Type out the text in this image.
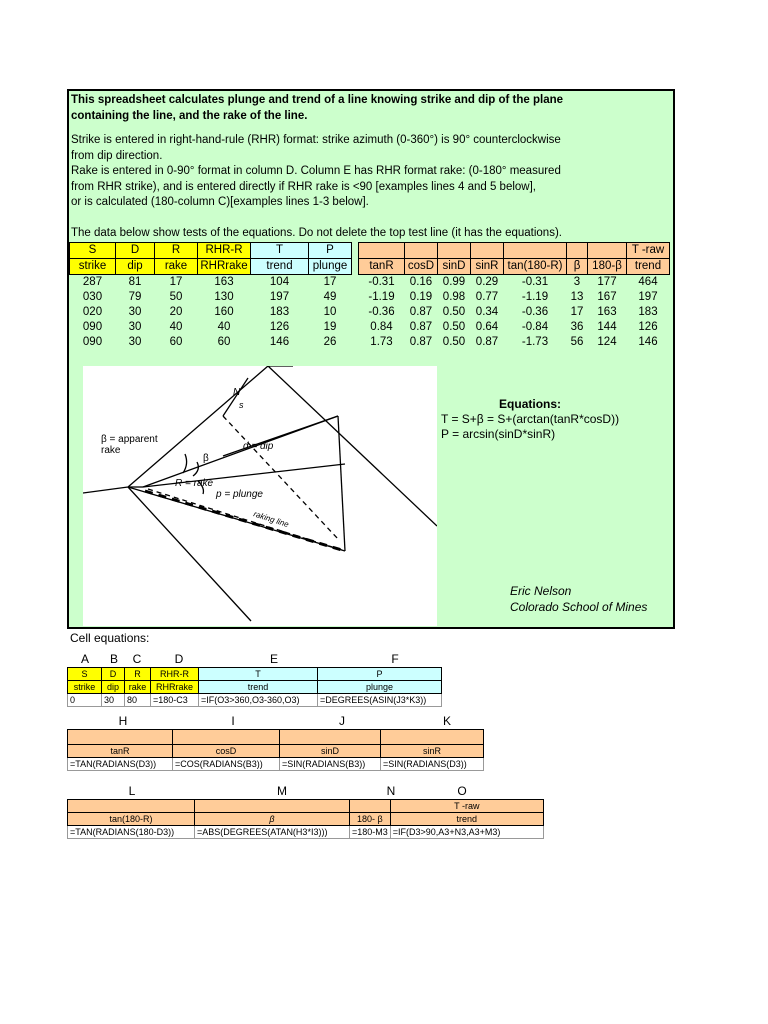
This spreadsheet calculates plunge and trend of a line knowing strike and dip of the plane

containing the line, and the rake of the line.

Strike is entered in right-hand-rule (RHR) format: strike azimuth (0-360°) is 90° counterclockwise

from dip direction.

Rake is entered in 0-90° format in column D. Column E has RHR format rake: (0-180° measured

from RHR strike), and is entered directly if RHR rake is <90 [examples lines 4 and 5 below],

or is calculated (180-column C)[examples lines 1-3 below].

The data below show tests of the equations. Do not delete the top test line (it has the equations).

S	D	R	RHR-R	T	P
strike	dip	rake	RHRrake	trend	plunge
287	81	17	163	104	17
030	79	50	130	197	49
020	30	20	160	183	10
090	30	40	40	126	19
090	30	60	60	146	26
							T -raw
tanR	cosD	sinD	sinR	tan(180-R)	β	180-β	trend
-0.31	0.16	0.99	0.29	-0.31	3	177	464
-1.19	0.19	0.98	0.77	-1.19	13	167	197
-0.36	0.87	0.50	0.34	-0.36	17	163	183
0.84	0.87	0.50	0.64	-0.84	36	144	126
1.73	0.87	0.50	0.87	-1.73	56	124	146
β = apparent
rake
N
s
d = dip
β
R = rake
p = plunge
raking line
Equations:
T = S+β = S+(arctan(tanR*cosD))
P = arcsin(sinD*sinR)
Eric Nelson
Colorado School of Mines
Cell equations:
A	B	C	D	E	F
S	D	R	RHR-R	T	P
strike	dip	rake	RHRrake	trend	plunge
0	30	80	=180-C3	=IF(O3>360,O3-360,O3)	=DEGREES(ASIN(J3*K3))
H	I	J	K

tanR	cosD	sinD	sinR
=TAN(RADIANS(D3))	=COS(RADIANS(B3))	=SIN(RADIANS(B3))	=SIN(RADIANS(D3))
L	M	N	O
			T -raw
tan(180-R)	β	180- β	trend
=TAN(RADIANS(180-D3))	=ABS(DEGREES(ATAN(H3*I3)))	=180-M3	=IF(D3>90,A3+N3,A3+M3)
